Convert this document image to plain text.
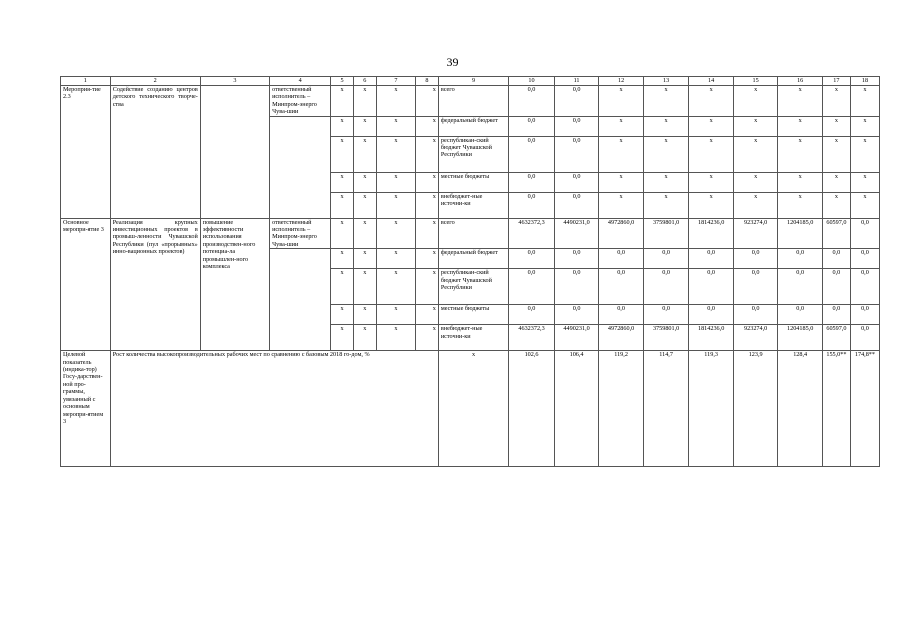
39
1	2	3	4	5	6	7	8	9	10	11	12	13	14	15	16	17	18
Мероприя-тие 2.3	Содействие созданию центров детского технического творче-ства		ответственный исполнитель – Минпром-энерго Чува-шии	x	x	x	x	всего	0,0	0,0	x	x	x	x	x	x	x
				x	x	x	x	федеральный бюджет	0,0	0,0	x	x	x	x	x	x	x
				x	x	x	x	республикан-ский бюджет Чувашской Республики	0,0	0,0	x	x	x	x	x	x	x
				x	x	x	x	местные бюджеты	0,0	0,0	x	x	x	x	x	x	x
				x	x	x	x	внебюджет-ные источни-ки	0,0	0,0	x	x	x	x	x	x	x
Основное меропри-ятие 3	Реализация крупных инвестиционных проектов в промыш-ленности Чувашской Республики (пул «прорывных» инно-вационных проектов)	повышение эффективности использования производствен-ного потенциа-ла промышлен-ного комплекса	ответственный исполнитель – Минпром-энерго Чува-шии	x	x	x	x	всего	4632372,3	4490231,0	4972860,0	3759801,0	1814236,0	923274,0	1204185,0	60597,0	0,0
				x	x	x	x	федеральный бюджет	0,0	0,0	0,0	0,0	0,0	0,0	0,0	0,0	0,0
				x	x	x	x	республикан-ский бюджет Чувашской Республики	0,0	0,0	0,0	0,0	0,0	0,0	0,0	0,0	0,0
				x	x	x	x	местные бюджеты	0,0	0,0	0,0	0,0	0,0	0,0	0,0	0,0	0,0
				x	x	x	x	внебюджет-ные источни-ки	4632372,3	4490231,0	4972860,0	3759801,0	1814236,0	923274,0	1204185,0	60597,0	0,0
Целевой показатель (индика-тор) Госу-дарствен-ной про-граммы, увязанный с основным меропри-ятием 3	Рост количества высокопроизводительных рабочих мест по сравнению с базовым 2018 го-дом, %							x	102,6	106,4	119,2	114,7	119,3	123,9	128,4	155,0**	174,8**
